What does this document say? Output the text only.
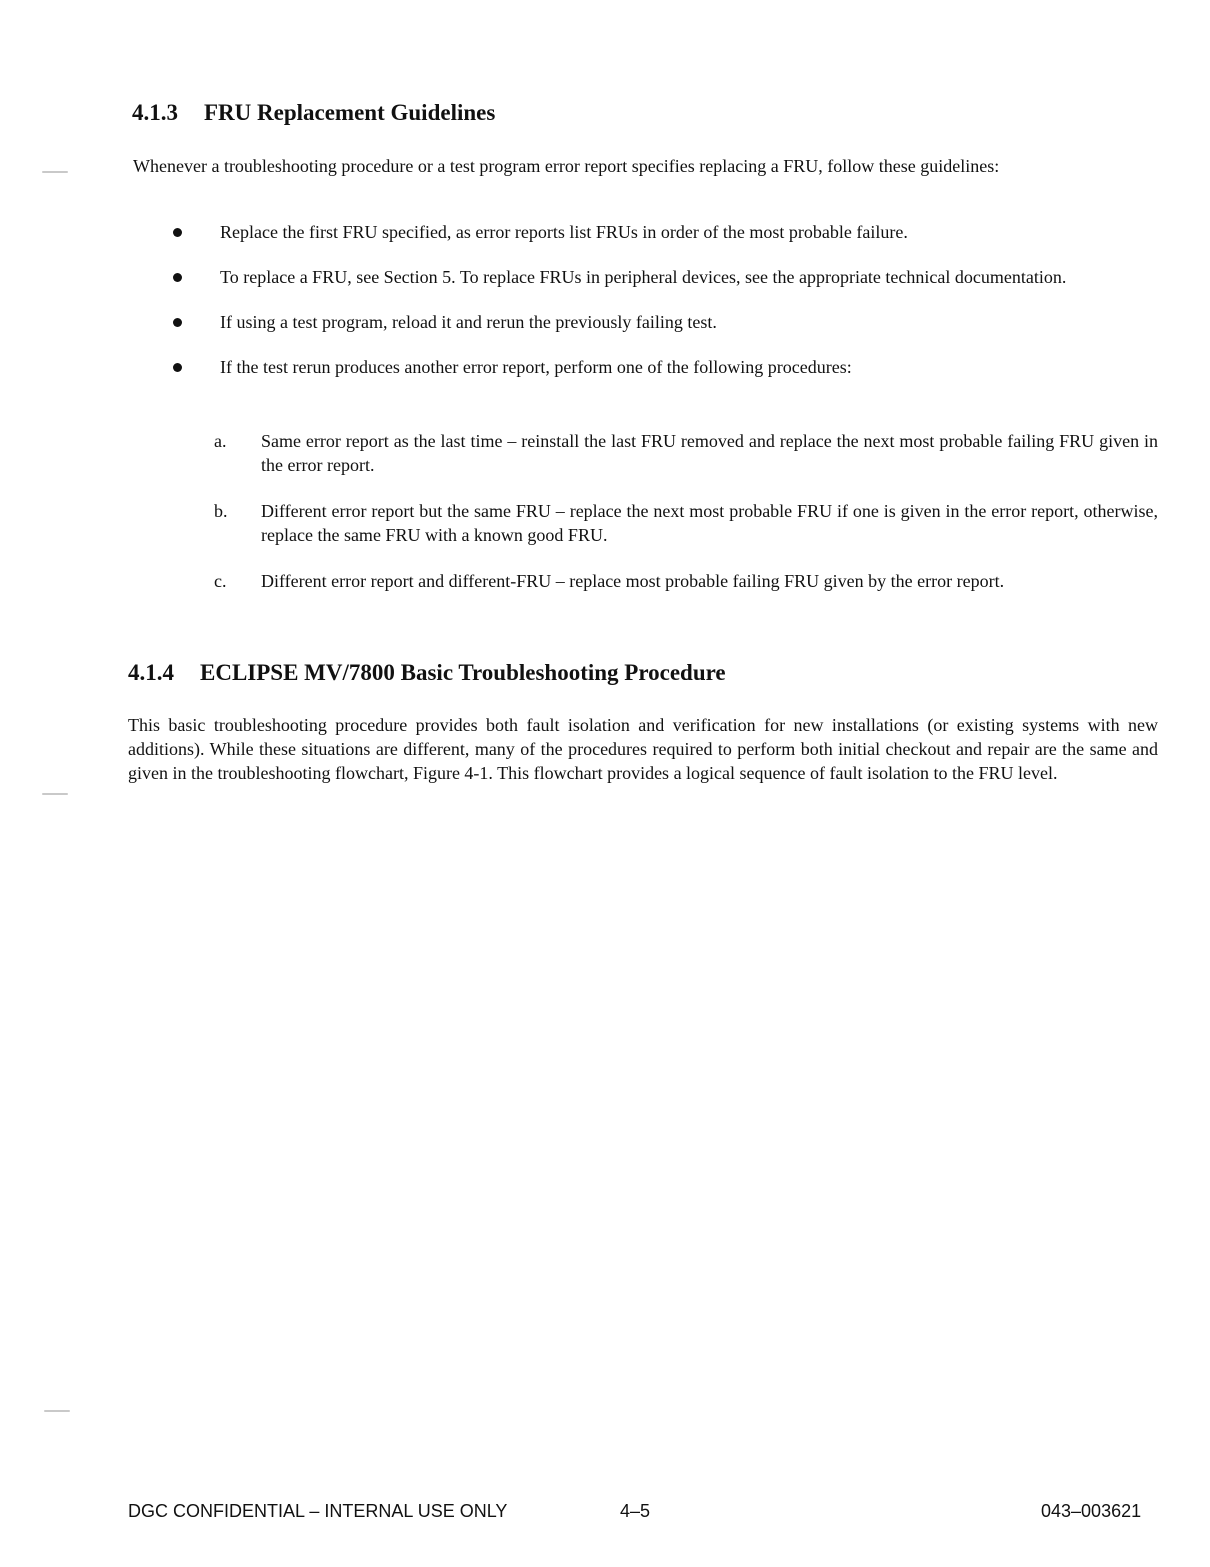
4.1.3 FRU Replacement Guidelines

Whenever a troubleshooting procedure or a test program error report specifies replacing a FRU, follow these guidelines:

Replace the first FRU specified, as error reports list FRUs in order of the most probable failure.
To replace a FRU, see Section 5. To replace FRUs in peripheral devices, see the appropriate technical documentation.
If using a test program, reload it and rerun the previously failing test.
If the test rerun produces another error report, perform one of the following procedures:
a. Same error report as the last time – reinstall the last FRU removed and replace the next most probable failing FRU given in the error report.
b. Different error report but the same FRU – replace the next most probable FRU if one is given in the error report, otherwise, replace the same FRU with a known good FRU.
c. Different error report and different-FRU – replace most probable failing FRU given by the error report.
4.1.4 ECLIPSE MV/7800 Basic Troubleshooting Procedure

This basic troubleshooting procedure provides both fault isolation and verification for new installations (or existing systems with new additions). While these situations are different, many of the procedures required to perform both initial checkout and repair are the same and given in the troubleshooting flowchart, Figure 4-1. This flowchart provides a logical sequence of fault isolation to the FRU level.

DGC CONFIDENTIAL – INTERNAL USE ONLY	4–5	043–003621
